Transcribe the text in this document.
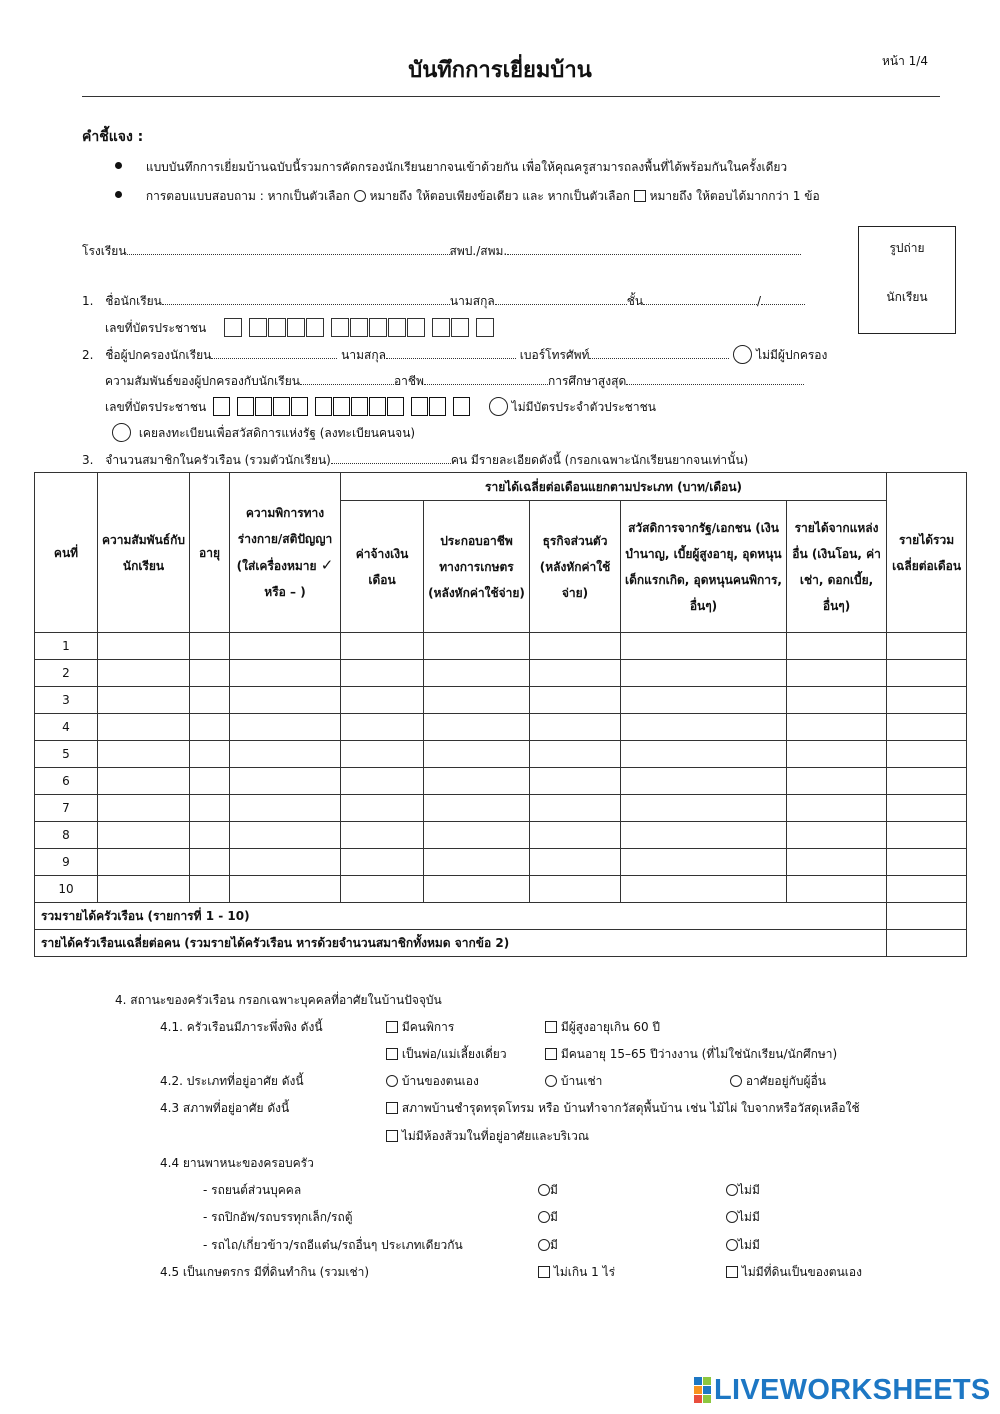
บันทึกการเยี่ยมบ้าน	หน้า 1/4
คำชี้แจง :
แบบบันทึกการเยี่ยมบ้านฉบับนี้รวมการคัดกรองนักเรียนยากจนเข้าด้วยกัน เพื่อให้คุณครูสามารถลงพื้นที่ได้พร้อมกันในครั้งเดียว
การตอบแบบสอบถาม : หากเป็นตัวเลือก หมายถึง ให้ตอบเพียงข้อเดียว และ หากเป็นตัวเลือก หมายถึง ให้ตอบได้มากกว่า 1 ข้อ
รูปถ่าย
นักเรียน
โรงเรียน	สพป./สพม.
1. ชื่อนักเรียน	นามสกุล	ชั้น	/
เลขที่บัตรประชาชน
2. ชื่อผู้ปกครองนักเรียน	นามสกุล	เบอร์โทรศัพท์	ไม่มีผู้ปกครอง
ความสัมพันธ์ของผู้ปกครองกับนักเรียน	อาชีพ	การศึกษาสูงสุด
เลขที่บัตรประชาชน	ไม่มีบัตรประจำตัวประชาชน
เคยลงทะเบียนเพื่อสวัสดิการแห่งรัฐ (ลงทะเบียนคนจน)
3. จำนวนสมาชิกในครัวเรือน (รวมตัวนักเรียน)	คน มีรายละเอียดดังนี้ (กรอกเฉพาะนักเรียนยากจนเท่านั้น)
คนที่	ความสัมพันธ์กับนักเรียน	อายุ	ความพิการทางร่างกาย/สติปัญญา (ใส่เครื่องหมาย ✓ หรือ – )	รายได้เฉลี่ยต่อเดือนแยกตามประเภท (บาท/เดือน)					รายได้รวมเฉลี่ยต่อเดือน
				ค่าจ้างเงินเดือน	ประกอบอาชีพทางการเกษตร (หลังหักค่าใช้จ่าย)	ธุรกิจส่วนตัว (หลังหักค่าใช้จ่าย)	สวัสดิการจากรัฐ/เอกชน (เงินบำนาญ, เบี้ยผู้สูงอายุ, อุดหนุนเด็กแรกเกิด, อุดหนุนคนพิการ, อื่นๆ)	รายได้จากแหล่งอื่น (เงินโอน, ค่าเช่า, ดอกเบี้ย, อื่นๆ)	
1									
2									
3									
4									
5									
6									
7									
8									
9									
10									
รวมรายได้ครัวเรือน (รายการที่ 1 - 10)									
รายได้ครัวเรือนเฉลี่ยต่อคน (รวมรายได้ครัวเรือน หารด้วยจำนวนสมาชิกทั้งหมด จากข้อ 2)									
4. สถานะของครัวเรือน กรอกเฉพาะบุคคลที่อาศัยในบ้านปัจจุบัน
4.1. ครัวเรือนมีภาระพึ่งพิง ดังนี้	มีคนพิการ	มีผู้สูงอายุเกิน 60 ปี
เป็นพ่อ/แม่เลี้ยงเดี่ยว	มีคนอายุ 15–65 ปีว่างงาน (ที่ไม่ใช่นักเรียน/นักศึกษา)
4.2. ประเภทที่อยู่อาศัย ดังนี้	บ้านของตนเอง	บ้านเช่า	อาศัยอยู่กับผู้อื่น
4.3 สภาพที่อยู่อาศัย ดังนี้	สภาพบ้านชำรุดทรุดโทรม หรือ บ้านทำจากวัสดุพื้นบ้าน เช่น ไม้ไผ่ ใบจากหรือวัสดุเหลือใช้
ไม่มีห้องส้วมในที่อยู่อาศัยและบริเวณ
4.4 ยานพาหนะของครอบครัว
- รถยนต์ส่วนบุคคล	มี	ไม่มี
- รถปิกอัพ/รถบรรทุกเล็ก/รถตู้	มี	ไม่มี
- รถไถ/เกี่ยวข้าว/รถอีแต๋น/รถอื่นๆ ประเภทเดียวกัน	มี	ไม่มี
4.5 เป็นเกษตรกร มีที่ดินทำกิน (รวมเช่า)	ไม่เกิน 1 ไร่	ไม่มีที่ดินเป็นของตนเอง
LIVEWORKSHEETS
